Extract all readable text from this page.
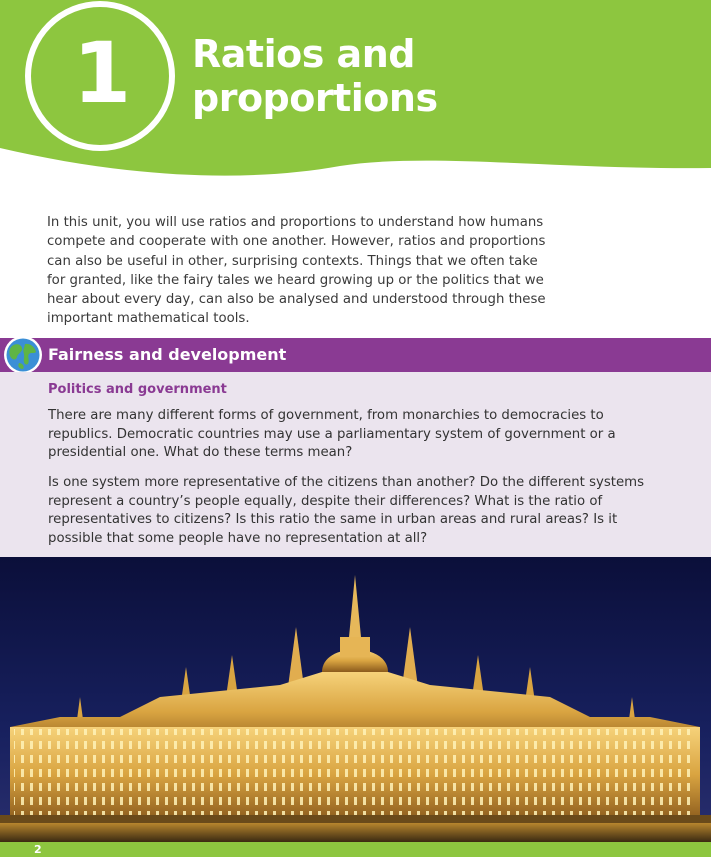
1 Ratios and
proportions

In this unit, you will use ratios and proportions to understand how humans compete and cooperate with one another. However, ratios and proportions can also be useful in other, surprising contexts. Things that we often take for granted, like the fairy tales we heard growing up or the politics that we hear about every day, can also be analysed and understood through these important mathematical tools.

Fairness and development
Politics and government

There are many different forms of government, from monarchies to democracies to republics. Democratic countries may use a parliamentary system of government or a presidential one. What do these terms mean?

Is one system more representative of the citizens than another? Do the different systems represent a country’s people equally, despite their differences? What is the ratio of representatives to citizens? Is this ratio the same in urban areas and rural areas? Is it possible that some people have no representation at all?

2
